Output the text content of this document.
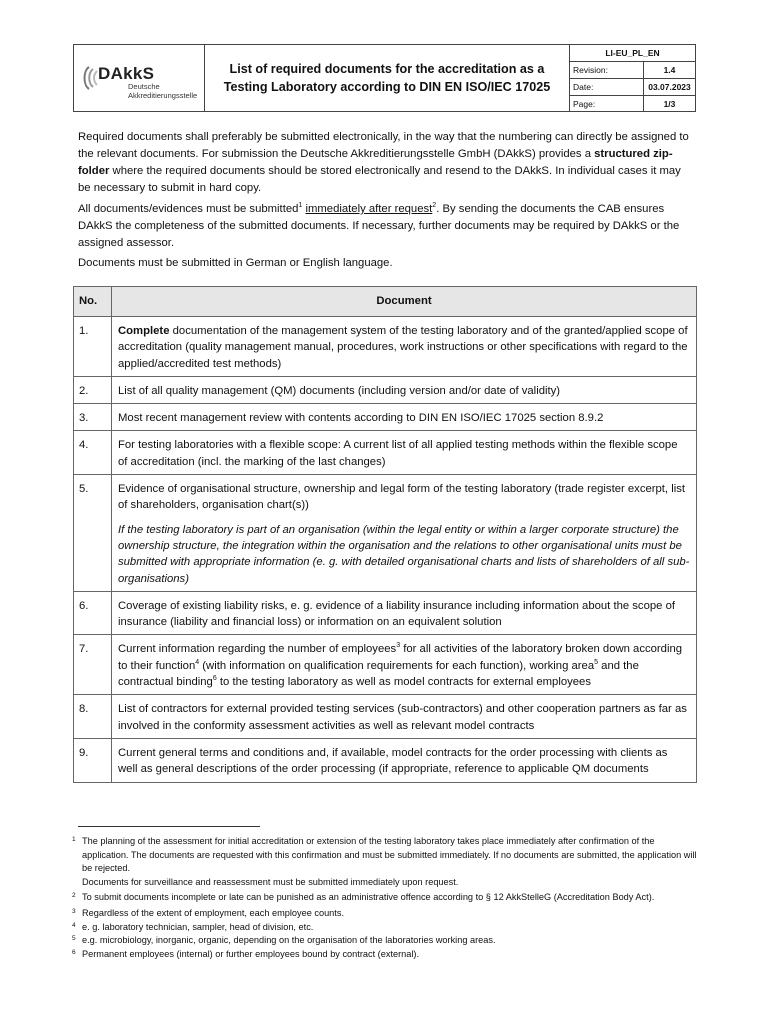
DAkkS
Deutsche
Akkreditierungsstelle
List of required documents for the accreditation as a
Testing Laboratory according to DIN EN ISO/IEC 17025
LI-EU_PL_EN
Revision:	1.4
Date:	03.07.2023
Page:	1/3

Required documents shall preferably be submitted electronically, in the way that the numbering can directly be assigned to the relevant documents. For submission the Deutsche Akkreditierungsstelle GmbH (DAkkS) provides a structured zip-folder where the required documents should be stored electronically and resend to the DAkkS. In individual cases it may be necessary to submit in hard copy.

All documents/evidences must be submitted$^1$ immediately after request$^2$. By sending the documents the CAB ensures DAkkS the completeness of the submitted documents. If necessary, further documents may be required by DAkkS or the assigned assessor.

Documents must be submitted in German or English language.

No.	Document
1.	Complete documentation of the management system of the testing laboratory and of the granted/applied scope of accreditation (quality management manual, procedures, work instructions or other specifications with regard to the applied/accredited test methods)
2.	List of all quality management (QM) documents (including version and/or date of validity)
3.	Most recent management review with contents according to DIN EN ISO/IEC 17025 section 8.9.2
4.	For testing laboratories with a flexible scope: A current list of all applied testing methods within the flexible scope of accreditation (incl. the marking of the last changes)
5.	Evidence of organisational structure, ownership and legal form of the testing laboratory (trade register excerpt, list of shareholders, organisation chart(s))
If the testing laboratory is part of an organisation (within the legal entity or within a larger corporate structure) the ownership structure, the integration within the organisation and the relations to other organisational units must be submitted with appropriate information (e. g. with detailed organisational charts and lists of shareholders of all sub-organisations)

6.	Coverage of existing liability risks, e. g. evidence of a liability insurance including information about the scope of insurance (liability and financial loss) or information on an equivalent solution
7.	Current information regarding the number of employees$^3$ for all activities of the laboratory broken down according to their function$^4$ (with information on qualification requirements for each function), working area$^5$ and the contractual binding$^6$ to the testing laboratory as well as model contracts for external employees
8.	List of contractors for external provided testing services (sub-contractors) and other cooperation partners as far as involved in the conformity assessment activities as well as relevant model contracts
9.	Current general terms and conditions and, if available, model contracts for the order processing with clients as well as general descriptions of the order processing (if appropriate, reference to applicable QM documents
1 The planning of the assessment for initial accreditation or extension of the testing laboratory takes place immediately after confirmation of the application. The documents are requested with this confirmation and must be submitted immediately. If no documents are submitted, the application will be rejected.
Documents for surveillance and reassessment must be submitted immediately upon request.
2 To submit documents incomplete or late can be punished as an administrative offence according to § 12 AkkStelleG (Accreditation Body Act).
3 Regardless of the extent of employment, each employee counts.
4 e. g. laboratory technician, sampler, head of division, etc.
5 e.g. microbiology, inorganic, organic, depending on the organisation of the laboratories working areas.
6 Permanent employees (internal) or further employees bound by contract (external).
